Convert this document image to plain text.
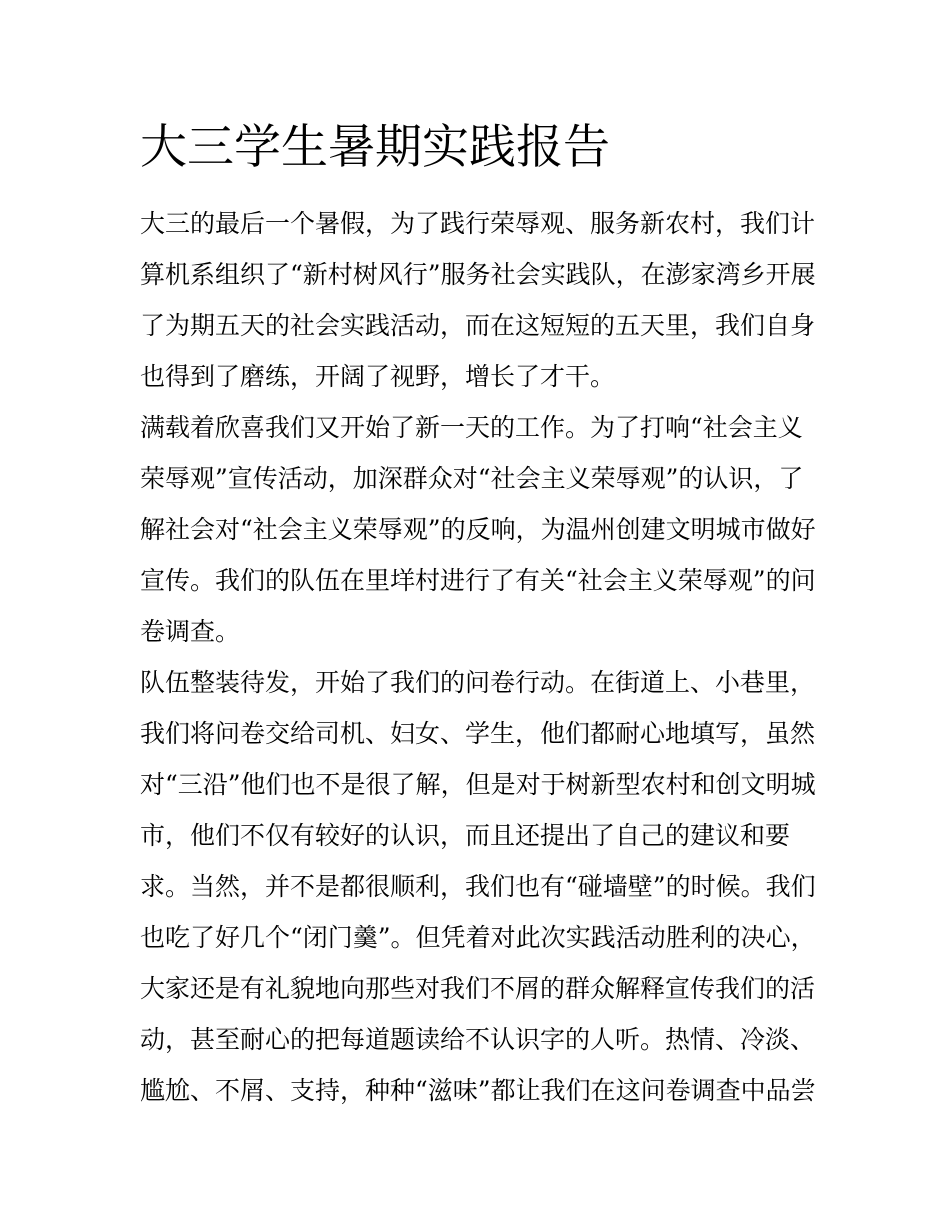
大三学生暑期实践报告
大三的最后一个暑假，为了践行荣辱观、服务新农村，我们计
算机系组织了“新村树风行”服务社会实践队，在澎家湾乡开展
了为期五天的社会实践活动，而在这短短的五天里，我们自身
也得到了磨练，开阔了视野，增长了才干。
满载着欣喜我们又开始了新一天的工作。为了打响“社会主义
荣辱观”宣传活动，加深群众对“社会主义荣辱观”的认识，了
解社会对“社会主义荣辱观”的反响，为温州创建文明城市做好
宣传。我们的队伍在里垟村进行了有关“社会主义荣辱观”的问
卷调查。
队伍整装待发，开始了我们的问卷行动。在街道上、小巷里，
我们将问卷交给司机、妇女、学生，他们都耐心地填写，虽然
对“三沿”他们也不是很了解，但是对于树新型农村和创文明城
市，他们不仅有较好的认识，而且还提出了自己的建议和要
求。当然，并不是都很顺利，我们也有“碰墙壁”的时候。我们
也吃了好几个“闭门羹”。但凭着对此次实践活动胜利的决心，
大家还是有礼貌地向那些对我们不屑的群众解释宣传我们的活
动，甚至耐心的把每道题读给不认识字的人听。热情、冷淡、
尴尬、不屑、支持，种种“滋味”都让我们在这问卷调查中品尝
